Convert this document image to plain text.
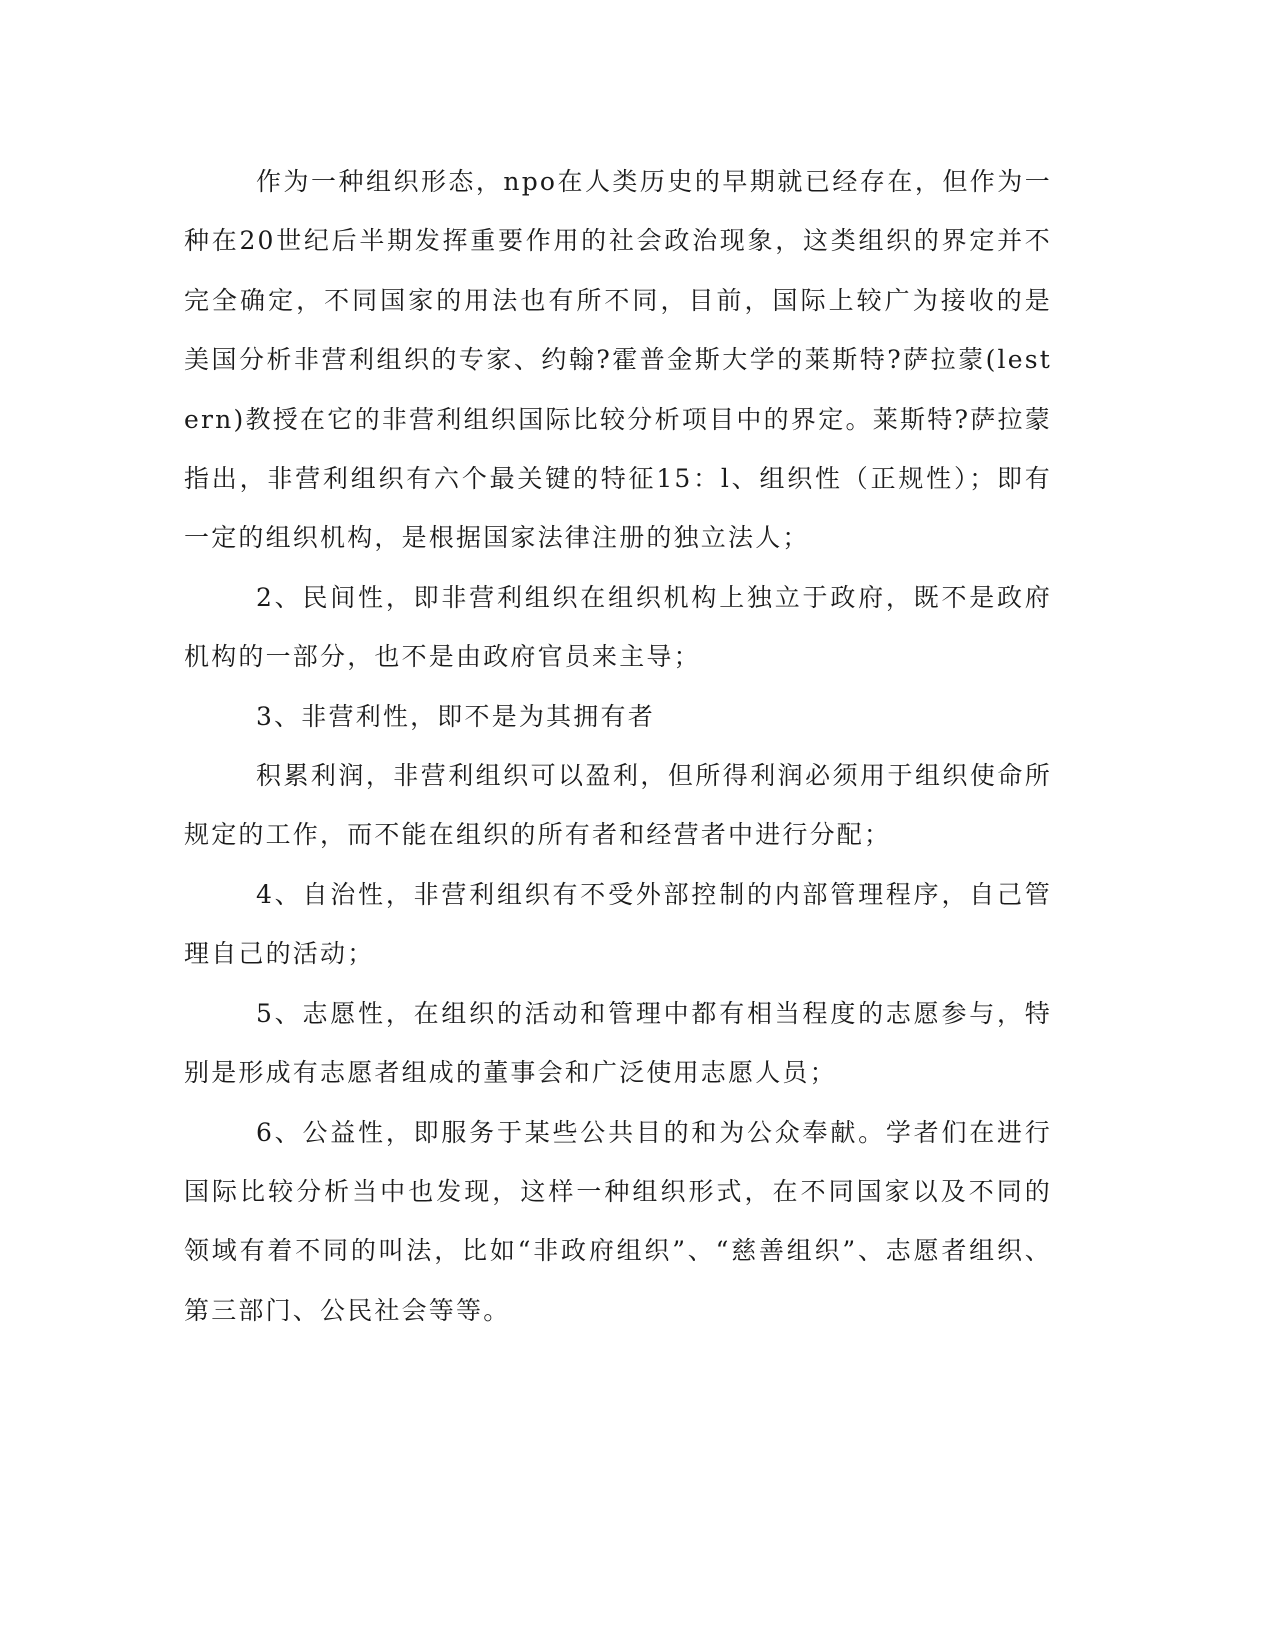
作为一种组织形态，npo在人类历史的早期就已经存在，但作为一种在20世纪后半期发挥重要作用的社会政治现象，这类组织的界定并不完全确定，不同国家的用法也有所不同，目前，国际上较广为接收的是美国分析非营利组织的专家、约翰?霍普金斯大学的莱斯特?萨拉蒙(lestern)教授在它的非营利组织国际比较分析项目中的界定。莱斯特?萨拉蒙指出，非营利组织有六个最关键的特征15：l、组织性（正规性）；即有一定的组织机构，是根据国家法律注册的独立法人；

2、民间性，即非营利组织在组织机构上独立于政府，既不是政府机构的一部分，也不是由政府官员来主导；

3、非营利性，即不是为其拥有者

积累利润，非营利组织可以盈利，但所得利润必须用于组织使命所规定的工作，而不能在组织的所有者和经营者中进行分配；

4、自治性，非营利组织有不受外部控制的内部管理程序，自己管理自己的活动；

5、志愿性，在组织的活动和管理中都有相当程度的志愿参与，特别是形成有志愿者组成的董事会和广泛使用志愿人员；

6、公益性，即服务于某些公共目的和为公众奉献。学者们在进行国际比较分析当中也发现，这样一种组织形式，在不同国家以及不同的领域有着不同的叫法，比如“非政府组织”、“慈善组织”、志愿者组织、第三部门、公民社会等等。
